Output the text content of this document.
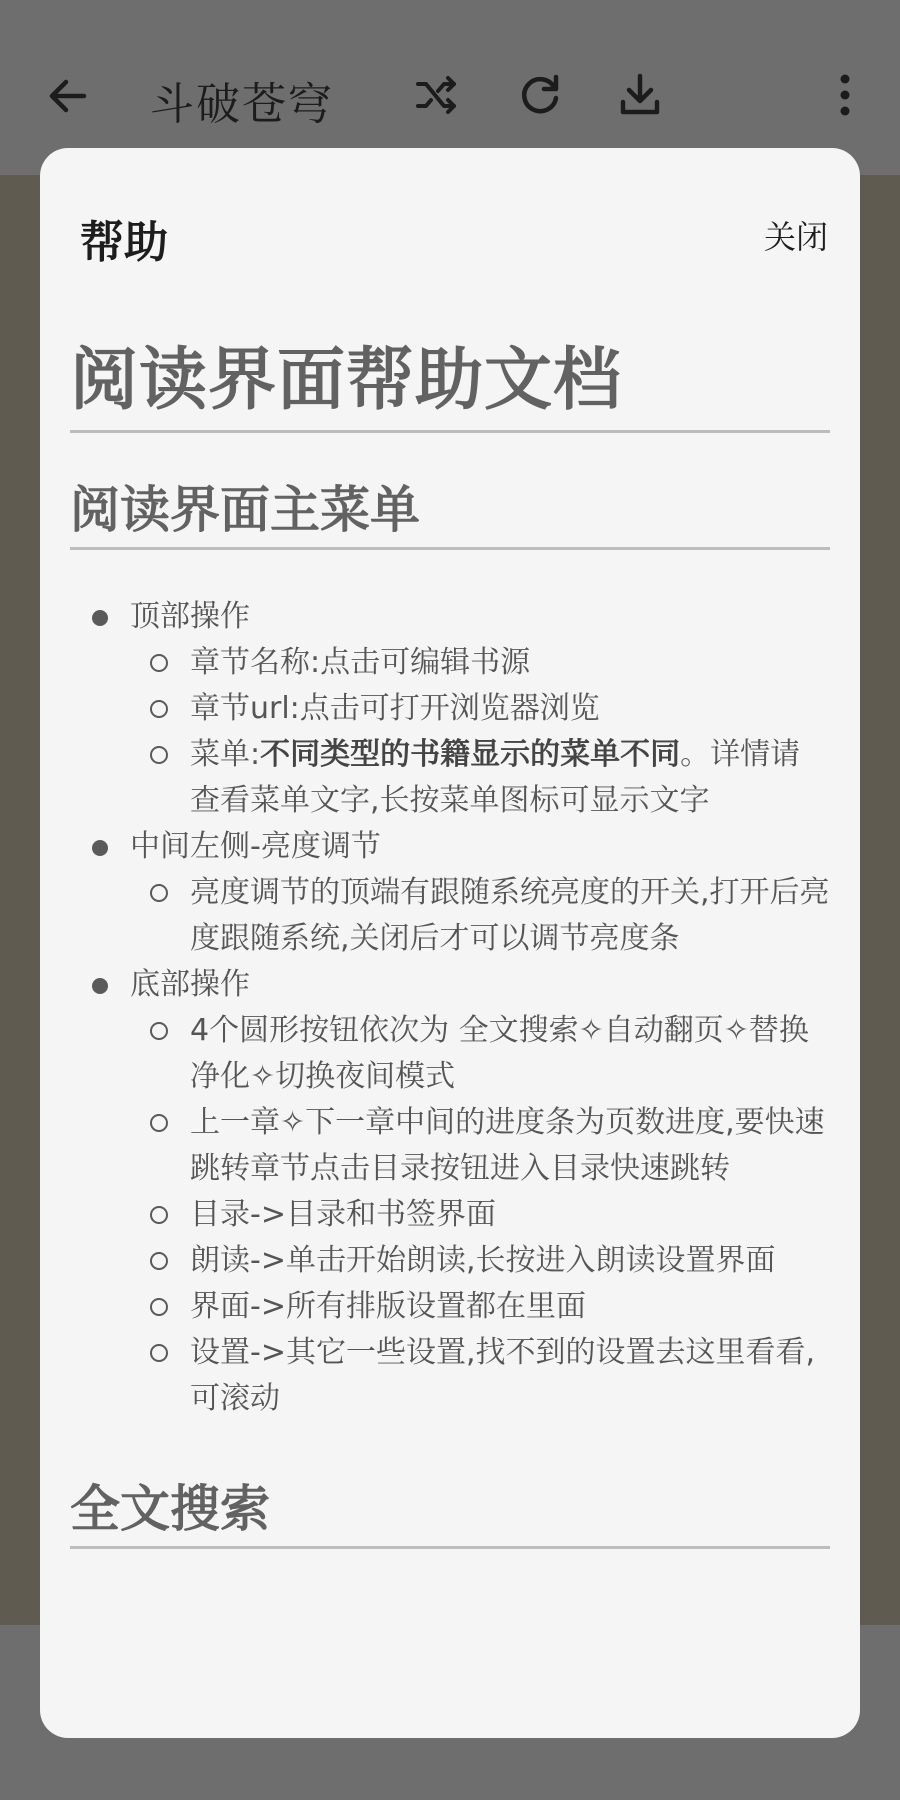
斗破苍穹
帮助	关闭
阅读界面帮助文档
阅读界面主菜单
顶部操作
章节名称:点击可编辑书源
章节url:点击可打开浏览器浏览
菜单:不同类型的书籍显示的菜单不同。详情请查看菜单文字,长按菜单图标可显示文字
中间左侧-亮度调节
亮度调节的顶端有跟随系统亮度的开关,打开后亮度跟随系统,关闭后才可以调节亮度条
底部操作
4个圆形按钮依次为 全文搜索✧自动翻页✧替换净化✧切换夜间模式
上一章✧下一章中间的进度条为页数进度,要快速跳转章节点击目录按钮进入目录快速跳转
目录->目录和书签界面
朗读->单击开始朗读,长按进入朗读设置界面
界面->所有排版设置都在里面
设置->其它一些设置,找不到的设置去这里看看,可滚动
全文搜索
